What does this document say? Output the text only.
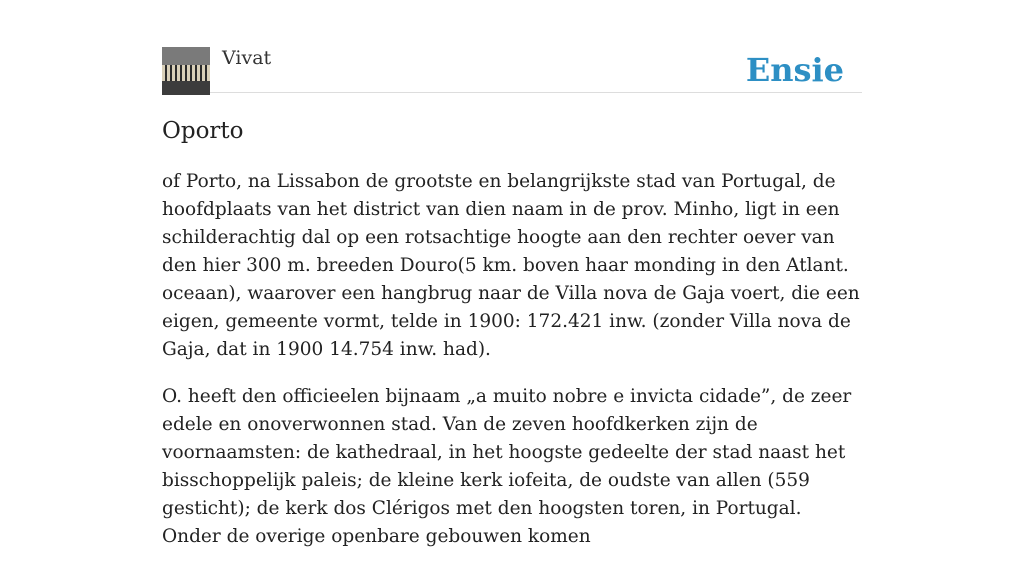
Vivat	Ensie
Oporto

of Porto, na Lissabon de grootste en belangrijkste stad van Portugal, de hoofdplaats van het district van dien naam in de prov. Minho, ligt in een schilderachtig dal op een rotsachtige hoogte aan den rechter oever van den hier 300 m. breeden Douro(5 km. boven haar monding in den Atlant. oceaan), waarover een hangbrug naar de Villa nova de Gaja voert, die een eigen, gemeente vormt, telde in 1900: 172.421 inw. (zonder Villa nova de Gaja, dat in 1900 14.754 inw. had).

O. heeft den officieelen bijnaam „a muito nobre e invicta cidade”, de zeer edele en onoverwonnen stad. Van de zeven hoofdkerken zijn de voornaamsten: de kathedraal, in het hoogste gedeelte der stad naast het bisschoppelijk paleis; de kleine kerk iofeita, de oudste van allen (559 gesticht); de kerk dos Clérigos met den hoogsten toren, in Portugal. Onder de overige openbare gebouwen komen
